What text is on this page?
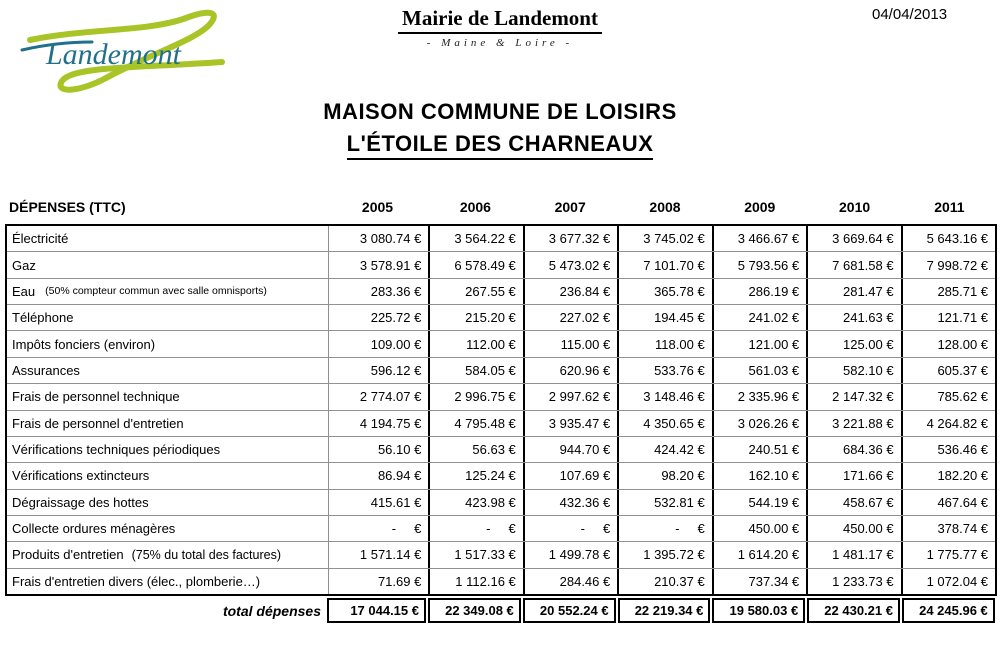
Landemont
Mairie de Landemont
- Maine & Loire -
04/04/2013
MAISON COMMUNE DE LOISIRS
L'ÉTOILE DES CHARNEAUX
DÉPENSES (TTC)	2005	2006	2007	2008	2009	2010	2011
Électricité	3 080.74 €	3 564.22 €	3 677.32 €	3 745.02 €	3 466.67 €	3 669.64 €	5 643.16 €
Gaz	3 578.91 €	6 578.49 €	5 473.02 €	7 101.70 €	5 793.56 €	7 681.58 €	7 998.72 €
Eau (50% compteur commun avec salle omnisports)	283.36 €	267.55 €	236.84 €	365.78 €	286.19 €	281.47 €	285.71 €
Téléphone	225.72 €	215.20 €	227.02 €	194.45 €	241.02 €	241.63 €	121.71 €
Impôts fonciers (environ)	109.00 €	112.00 €	115.00 €	118.00 €	121.00 €	125.00 €	128.00 €
Assurances	596.12 €	584.05 €	620.96 €	533.76 €	561.03 €	582.10 €	605.37 €
Frais de personnel technique	2 774.07 €	2 996.75 €	2 997.62 €	3 148.46 €	2 335.96 €	2 147.32 €	785.62 €
Frais de personnel d'entretien	4 194.75 €	4 795.48 €	3 935.47 €	4 350.65 €	3 026.26 €	3 221.88 €	4 264.82 €
Vérifications techniques périodiques	56.10 €	56.63 €	944.70 €	424.42 €	240.51 €	684.36 €	536.46 €
Vérifications extincteurs	86.94 €	125.24 €	107.69 €	98.20 €	162.10 €	171.66 €	182.20 €
Dégraissage des hottes	415.61 €	423.98 €	432.36 €	532.81 €	544.19 €	458.67 €	467.64 €
Collecte ordures ménagères	-     €	-     €	-     €	-     €	450.00 €	450.00 €	378.74 €
Produits d'entretien (75% du total des factures)	1 571.14 €	1 517.33 €	1 499.78 €	1 395.72 €	1 614.20 €	1 481.17 €	1 775.77 €
Frais d'entretien divers (élec., plomberie…)	71.69 €	1 112.16 €	284.46 €	210.37 €	737.34 €	1 233.73 €	1 072.04 €
total dépenses	17 044.15 €	22 349.08 €	20 552.24 €	22 219.34 €	19 580.03 €	22 430.21 €	24 245.96 €
